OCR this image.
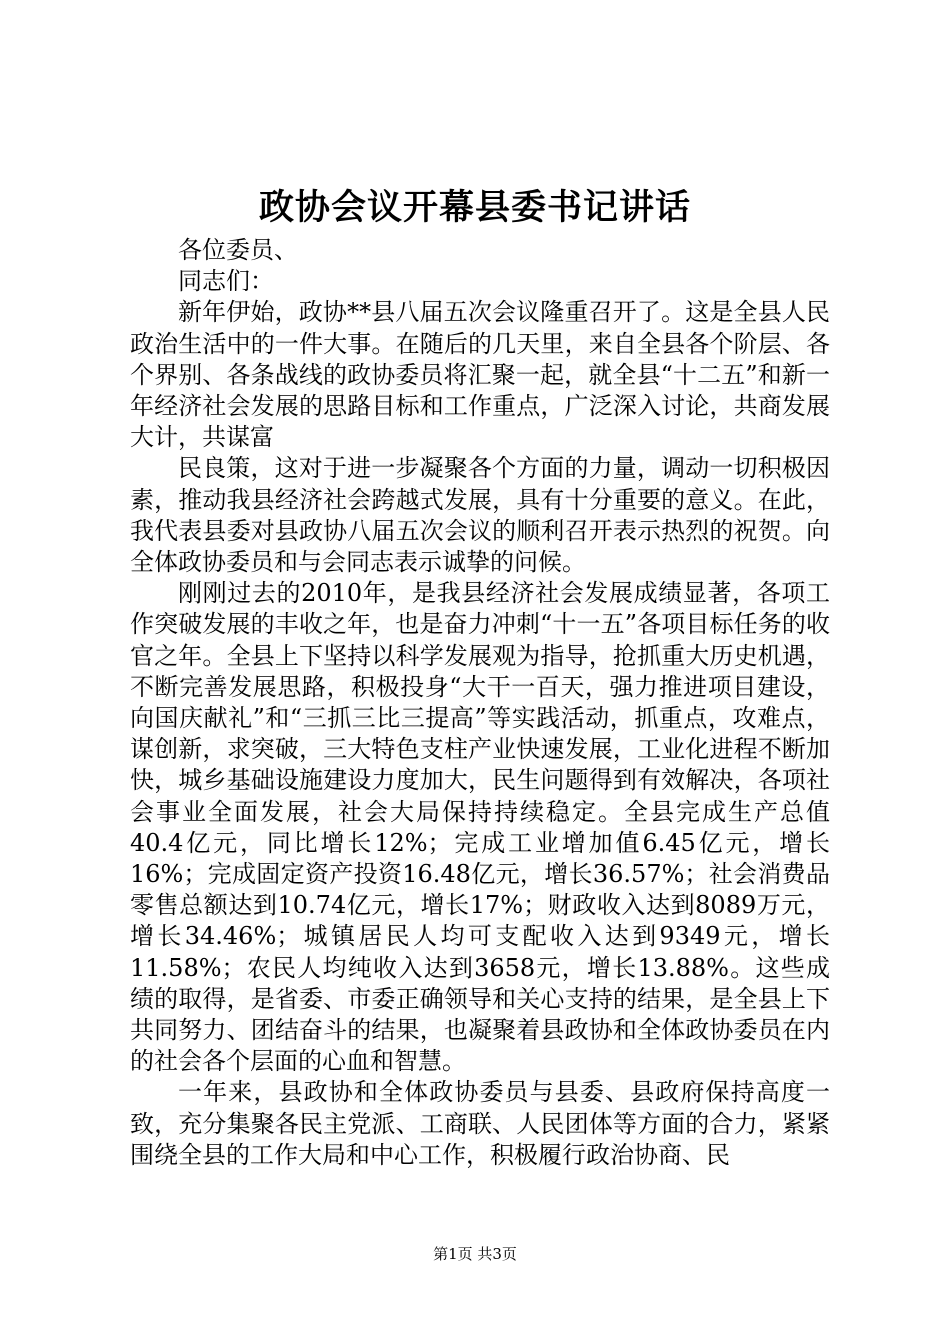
政协会议开幕县委书记讲话

各位委员、

同志们：

新年伊始，政协**县八届五次会议隆重召开了。这是全县人民政治生活中的一件大事。在随后的几天里，来自全县各个阶层、各个界别、各条战线的政协委员将汇聚一起，就全县“十二五”和新一年经济社会发展的思路目标和工作重点，广泛深入讨论，共商发展大计，共谋富

民良策，这对于进一步凝聚各个方面的力量，调动一切积极因素，推动我县经济社会跨越式发展，具有十分重要的意义。在此，我代表县委对县政协八届五次会议的顺利召开表示热烈的祝贺。向全体政协委员和与会同志表示诚挚的问候。

刚刚过去的2010年，是我县经济社会发展成绩显著，各项工作突破发展的丰收之年，也是奋力冲刺“十一五”各项目标任务的收官之年。全县上下坚持以科学发展观为指导，抢抓重大历史机遇，不断完善发展思路，积极投身“大干一百天，强力推进项目建设，向国庆献礼”和“三抓三比三提高”等实践活动，抓重点，攻难点，谋创新，求突破，三大特色支柱产业快速发展，工业化进程不断加快，城乡基础设施建设力度加大，民生问题得到有效解决，各项社会事业全面发展，社会大局保持持续稳定。全县完成生产总值40.4亿元，同比增长12%；完成工业增加值6.45亿元，增长16%；完成固定资产投资16.48亿元，增长36.57%；社会消费品零售总额达到10.74亿元，增长17%；财政收入达到8089万元，增长34.46%；城镇居民人均可支配收入达到9349元，增长11.58%；农民人均纯收入达到3658元，增长13.88%。这些成绩的取得，是省委、市委正确领导和关心支持的结果，是全县上下共同努力、团结奋斗的结果，也凝聚着县政协和全体政协委员在内的社会各个层面的心血和智慧。

一年来，县政协和全体政协委员与县委、县政府保持高度一致，充分集聚各民主党派、工商联、人民团体等方面的合力，紧紧围绕全县的工作大局和中心工作，积极履行政治协商、民

第1页 共3页
